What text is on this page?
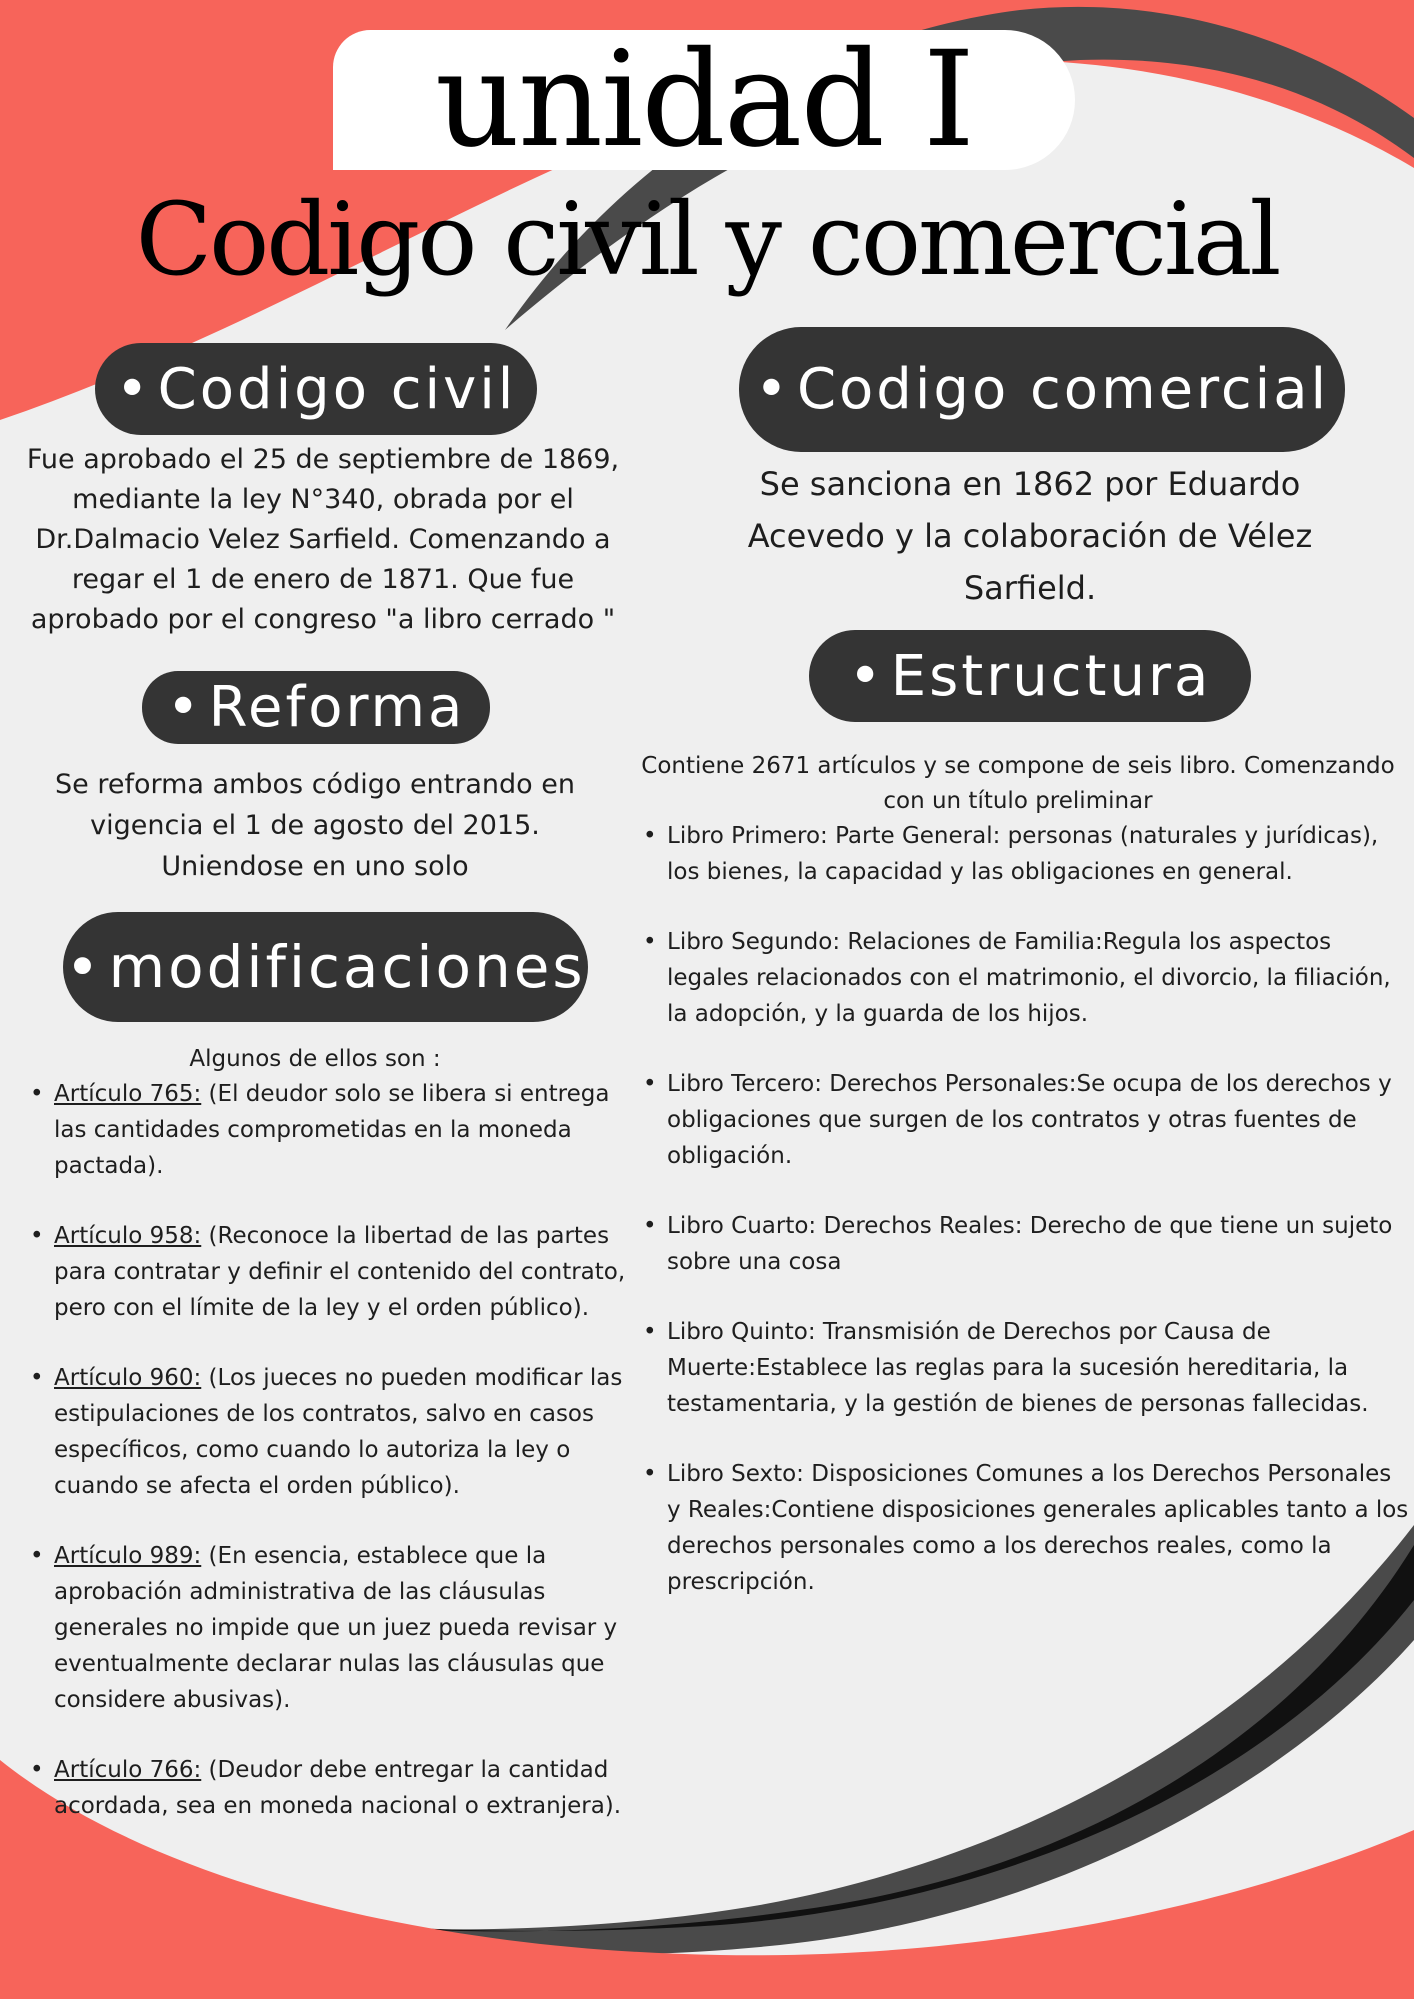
unidad I
Codigo civil y comercial
• Codigo civil

Fue aprobado el 25 de septiembre de 1869, mediante la ley N°340, obrada por el Dr.Dalmacio Velez Sarfield. Comenzando a regar el 1 de enero de 1871. Que fue aprobado por el congreso "a libro cerrado "

• Reforma

Se reforma ambos código entrando en vigencia el 1 de agosto del 2015. Uniendose en uno solo

• modificaciones

Algunos de ellos son :

• Artículo 765: (El deudor solo se libera si entrega las cantidades comprometidas en la moneda pactada).
• Artículo 958: (Reconoce la libertad de las partes para contratar y definir el contenido del contrato, pero con el límite de la ley y el orden público).
• Artículo 960: (Los jueces no pueden modificar las estipulaciones de los contratos, salvo en casos específicos, como cuando lo autoriza la ley o cuando se afecta el orden público).
• Artículo 989: (En esencia, establece que la aprobación administrativa de las cláusulas generales no impide que un juez pueda revisar y eventualmente declarar nulas las cláusulas que considere abusivas).
• Artículo 766: (Deudor debe entregar la cantidad acordada, sea en moneda nacional o extranjera).
• Codigo comercial

Se sanciona en 1862 por Eduardo Acevedo y la colaboración de Vélez Sarfield.

• Estructura

Contiene 2671 artículos y se compone de seis libro. Comenzando con un título preliminar

• Libro Primero: Parte General: personas (naturales y jurídicas), los bienes, la capacidad y las obligaciones en general.
• Libro Segundo: Relaciones de Familia:Regula los aspectos legales relacionados con el matrimonio, el divorcio, la filiación, la adopción, y la guarda de los hijos.
• Libro Tercero: Derechos Personales:Se ocupa de los derechos y obligaciones que surgen de los contratos y otras fuentes de obligación.
• Libro Cuarto: Derechos Reales: Derecho de que tiene un sujeto sobre una cosa
• Libro Quinto: Transmisión de Derechos por Causa de Muerte:Establece las reglas para la sucesión hereditaria, la testamentaria, y la gestión de bienes de personas fallecidas.
• Libro Sexto: Disposiciones Comunes a los Derechos Personales y Reales:Contiene disposiciones generales aplicables tanto a los derechos personales como a los derechos reales, como la prescripción.
